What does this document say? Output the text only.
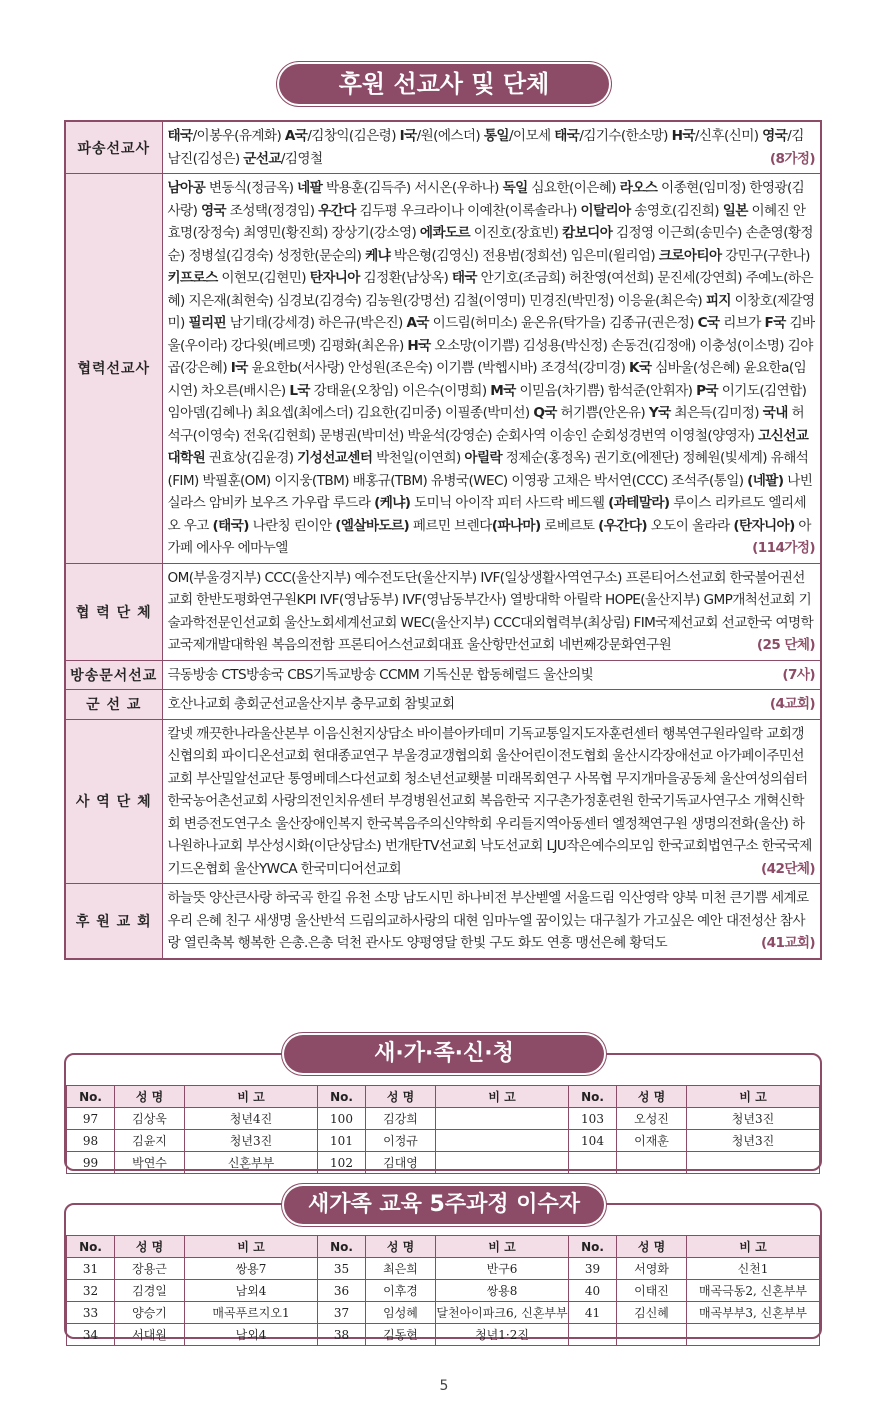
후원 선교사 및 단체
파송선교사	태국/이봉우(유계화) A국/김창익(김은령) I국/원(에스더) 통일/이모세 태국/김기수(한소망) H국/신후(신미) 영국/김남진(김성은) 군선교/김영철 (8가정)

협력선교사	남아공 변동식(정금옥) 네팔 박용훈(김득주) 서시온(우하나) 독일 심요한(이은혜) 라오스 이종현(임미정) 한영광(김사랑) 영국 조성택(정경임) 우간다 김두평 우크라이나 이예찬(이록솔라나) 이탈리아 송영호(김진희) 일본 이혜진 안효명(장정숙) 최영민(황진희) 장상기(강소영) 에콰도르 이진호(장효빈) 캄보디아 김정영 이근희(송민수) 손춘영(황정순) 정병설(김경숙) 성정한(문순의) 케냐 박은형(김영신) 전용범(정희선) 임은미(윌리엄) 크로아티아 강민구(구한나) 키프로스 이현모(김현민) 탄자니아 김정환(남상옥) 태국 안기호(조금희) 허찬영(여선희) 문진세(강연희) 주예노(하은혜) 지은재(최현숙) 심경보(김경숙) 김농원(강명선) 김철(이영미) 민경진(박민정) 이응윤(최은숙) 피지 이창호(제갈영미) 필리핀 남기태(강세경) 하은규(박은진) A국 이드림(허미소) 윤온유(탁가을) 김종규(권은정) C국 리브가 F국 김바울(우이라) 강다윗(베르멧) 김평화(최온유) H국 오소망(이기쁨) 김성용(박신정) 손동건(김정애) 이충성(이소명) 김야곱(강은혜) I국 윤요한b(서사랑) 안성원(조은숙) 이기쁨 (박헵시바) 조경석(강미경) K국 심바울(성은혜) 윤요한a(임시연) 차오른(배시은) L국 강태윤(오창임) 이은수(이명희) M국 이믿음(차기쁨) 함석준(안휘자) P국 이기도(김연합) 임아뎀(김혜나) 최요셉(최에스더) 김요한(김미중) 이필종(박미선) Q국 허기쁨(안온유) Y국 최은득(김미정) 국내 허석구(이영숙) 전욱(김현희) 문병권(박미선) 박윤석(강영순) 순회사역 이송인 순회성경번역 이영철(양영자) 고신선교대학원 권효상(김윤경) 기성선교센터 박천일(이연희) 아릴락 정제순(홍정옥) 권기호(에젠단) 정혜원(빛세계) 유해석(FIM) 박필훈(OM) 이지웅(TBM) 배홍규(TBM) 유병국(WEC) 이영광 고채은 박서연(CCC) 조석주(통일) (네팔) 나빈 실라스 암비카 보우즈 가우랍 루드라 (케냐) 도미닉 아이작 피터 사드락 베드웰 (과테말라) 루이스 리카르도 엘리세오 우고 (태국) 나란칭 린이안 (엘살바도르) 페르민 브렌다(파나마) 로베르토 (우간다) 오도이 올라라 (탄자니아) 아가페 에사우 에마누엘 (114가정)

협 력 단 체	OM(부울경지부) CCC(울산지부) 예수전도단(울산지부) IVF(일상생활사역연구소) 프론티어스선교회 한국불어권선교회 한반도평화연구원KPI IVF(영남동부) IVF(영남동부간사) 열방대학 아릴락 HOPE(울산지부) GMP개척선교회 기술과학전문인선교회 울산노회세계선교회 WEC(울산지부) CCC대외협력부(최상림) FIM국제선교회 선교한국 여명학교국제개발대학원 복음의전함 프론티어스선교회대표 울산항만선교회 네번째강문화연구원 (25 단체)

방송문서선교	극동방송 CTS방송국 CBS기독교방송 CCMM 기독신문 합동헤럴드 울산의빛 (7사)

군 선 교	호산나교회 총회군선교울산지부 충무교회 참빛교회 (4교회)

사 역 단 체	칼넷 깨끗한나라울산본부 이음신천지상담소 바이블아카데미 기독교통일지도자훈련센터 행복연구원라일락 교회갱신협의회 파이디온선교회 현대종교연구 부울경교갱협의회 울산어린이전도협회 울산시각장애선교 아가페이주민선교회 부산밀알선교단 통영베데스다선교회 청소년선교횃불 미래목회연구 사목협 무지개마을공동체 울산여성의쉼터 한국농어촌선교회 사랑의전인치유센터 부경병원선교회 복음한국 지구촌가정훈련원 한국기독교사연구소 개혁신학회 변증전도연구소 울산장애인복지 한국복음주의신약학회 우리들지역아동센터 엘정책연구원 생명의전화(울산) 하나원하나교회 부산성시화(이단상담소) 번개탄TV선교회 낙도선교회 LJU작은예수의모임 한국교회법연구소 한국국제기드온협회 울산YWCA 한국미디어선교회 (42단체)

후 원 교 회	하늘뜻 양산큰사랑 하국곡 한길 유천 소망 남도시민 하나비전 부산벧엘 서울드림 익산영락 양북 미천 큰기쁨 세계로우리 은혜 친구 새생명 울산반석 드림의교하사랑의 대현 임마누엘 꿈이있는 대구칠가 가고싶은 예안 대전성산 참사랑 열린축복 행복한 은총.은총 덕천 관사도 양평영달 한빛 구도 화도 연흥 맹선은혜 황덕도 (41교회)
No.	성 명	비 고	No.	성 명	비 고	No.	성 명	비 고
97	김상욱	청년4진	100	김강희		103	오성진	청년3진
98	김윤지	청년3진	101	이정규		104	이재훈	청년3진
99	박연수	신혼부부	102	김대영				
새·가·족·신·청
No.	성 명	비 고	No.	성 명	비 고	No.	성 명	비 고
31	장용근	쌍용7	35	최은희	반구6	39	서영화	신천1
32	김경일	남외4	36	이후경	쌍용8	40	이태진	매곡극동2, 신혼부부
33	양승기	매곡푸르지오1	37	임성혜	달천아이파크6, 신혼부부	41	김신혜	매곡부부3, 신혼부부
34	서대원	남외4	38	김동현	청년1·2진			
새가족 교육 5주과정 이수자
5
